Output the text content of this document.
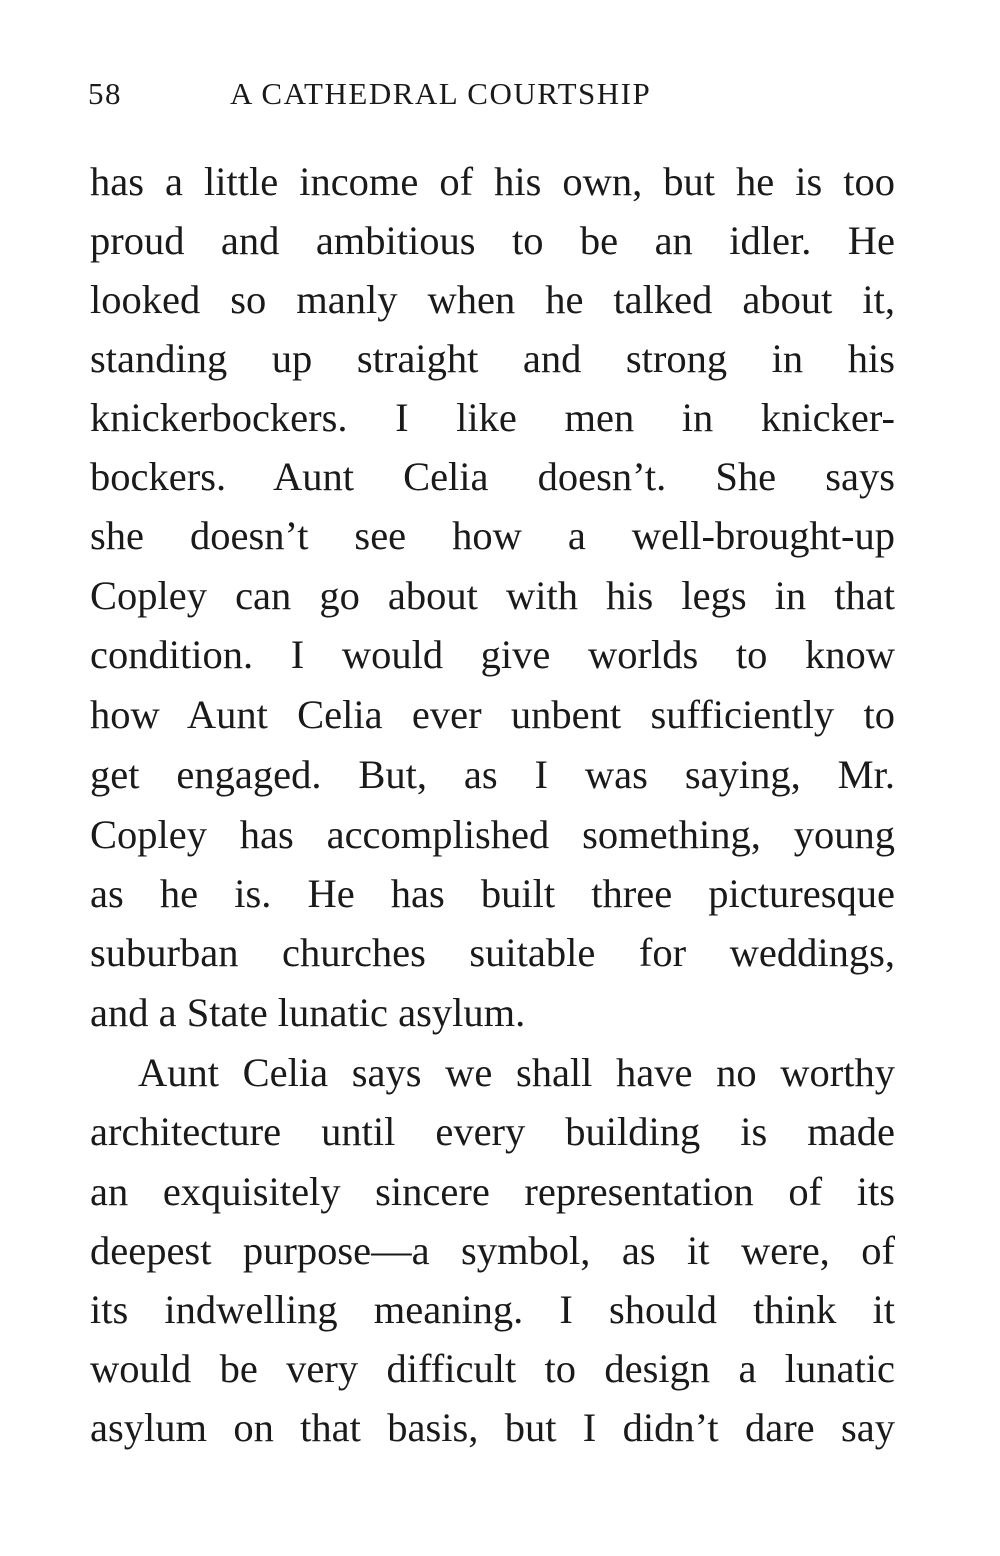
58	A CATHEDRAL COURTSHIP
has a little income of his own, but he is too
proud and ambitious to be an idler. He
looked so manly when he talked about it,
standing up straight and strong in his
knickerbockers. I like men in knicker-
bockers. Aunt Celia doesn’t. She says
she doesn’t see how a well-brought-up
Copley can go about with his legs in that
condition. I would give worlds to know
how Aunt Celia ever unbent sufficiently to
get engaged. But, as I was saying, Mr.
Copley has accomplished something, young
as he is. He has built three picturesque
suburban churches suitable for weddings,
and a State lunatic asylum.
Aunt Celia says we shall have no worthy
architecture until every building is made
an exquisitely sincere representation of its
deepest purpose—a symbol, as it were, of
its indwelling meaning. I should think it
would be very difficult to design a lunatic
asylum on that basis, but I didn’t dare say
